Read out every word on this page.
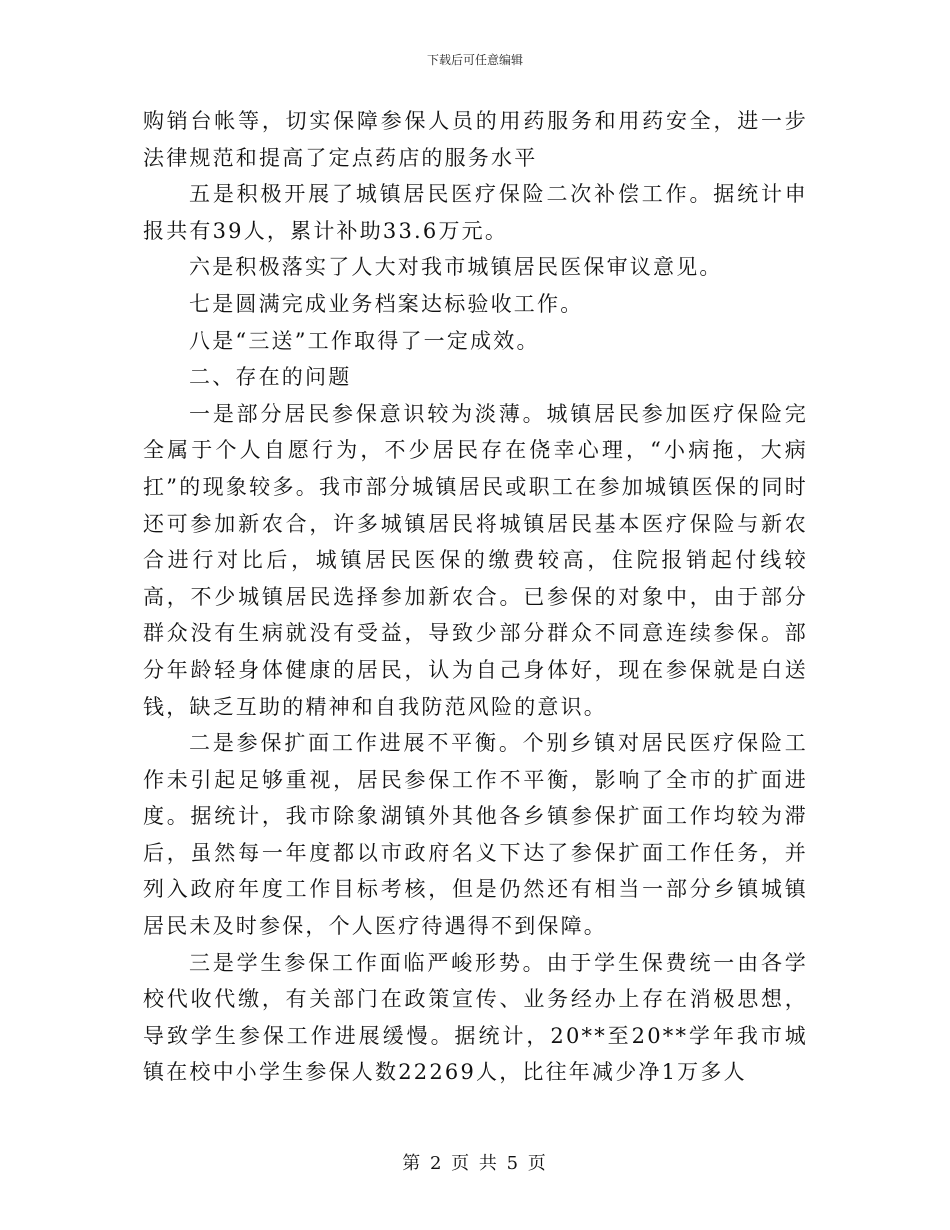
下载后可任意编辑

购销台帐等，切实保障参保人员的用药服务和用药安全，进一步法律规范和提高了定点药店的服务水平

五是积极开展了城镇居民医疗保险二次补偿工作。据统计申报共有39人，累计补助33.6万元。

六是积极落实了人大对我市城镇居民医保审议意见。

七是圆满完成业务档案达标验收工作。

八是“三送”工作取得了一定成效。

二、存在的问题

一是部分居民参保意识较为淡薄。城镇居民参加医疗保险完全属于个人自愿行为，不少居民存在侥幸心理，“小病拖，大病扛”的现象较多。我市部分城镇居民或职工在参加城镇医保的同时还可参加新农合，许多城镇居民将城镇居民基本医疗保险与新农合进行对比后，城镇居民医保的缴费较高，住院报销起付线较高，不少城镇居民选择参加新农合。已参保的对象中，由于部分群众没有生病就没有受益，导致少部分群众不同意连续参保。部分年龄轻身体健康的居民，认为自己身体好，现在参保就是白送钱，缺乏互助的精神和自我防范风险的意识。

二是参保扩面工作进展不平衡。个别乡镇对居民医疗保险工作未引起足够重视，居民参保工作不平衡，影响了全市的扩面进度。据统计，我市除象湖镇外其他各乡镇参保扩面工作均较为滞后，虽然每一年度都以市政府名义下达了参保扩面工作任务，并列入政府年度工作目标考核，但是仍然还有相当一部分乡镇城镇居民未及时参保，个人医疗待遇得不到保障。

三是学生参保工作面临严峻形势。由于学生保费统一由各学校代收代缴，有关部门在政策宣传、业务经办上存在消极思想，导致学生参保工作进展缓慢。据统计，20**至20**学年我市城镇在校中小学生参保人数22269人，比往年减少净1万多人

第 2 页 共 5 页
